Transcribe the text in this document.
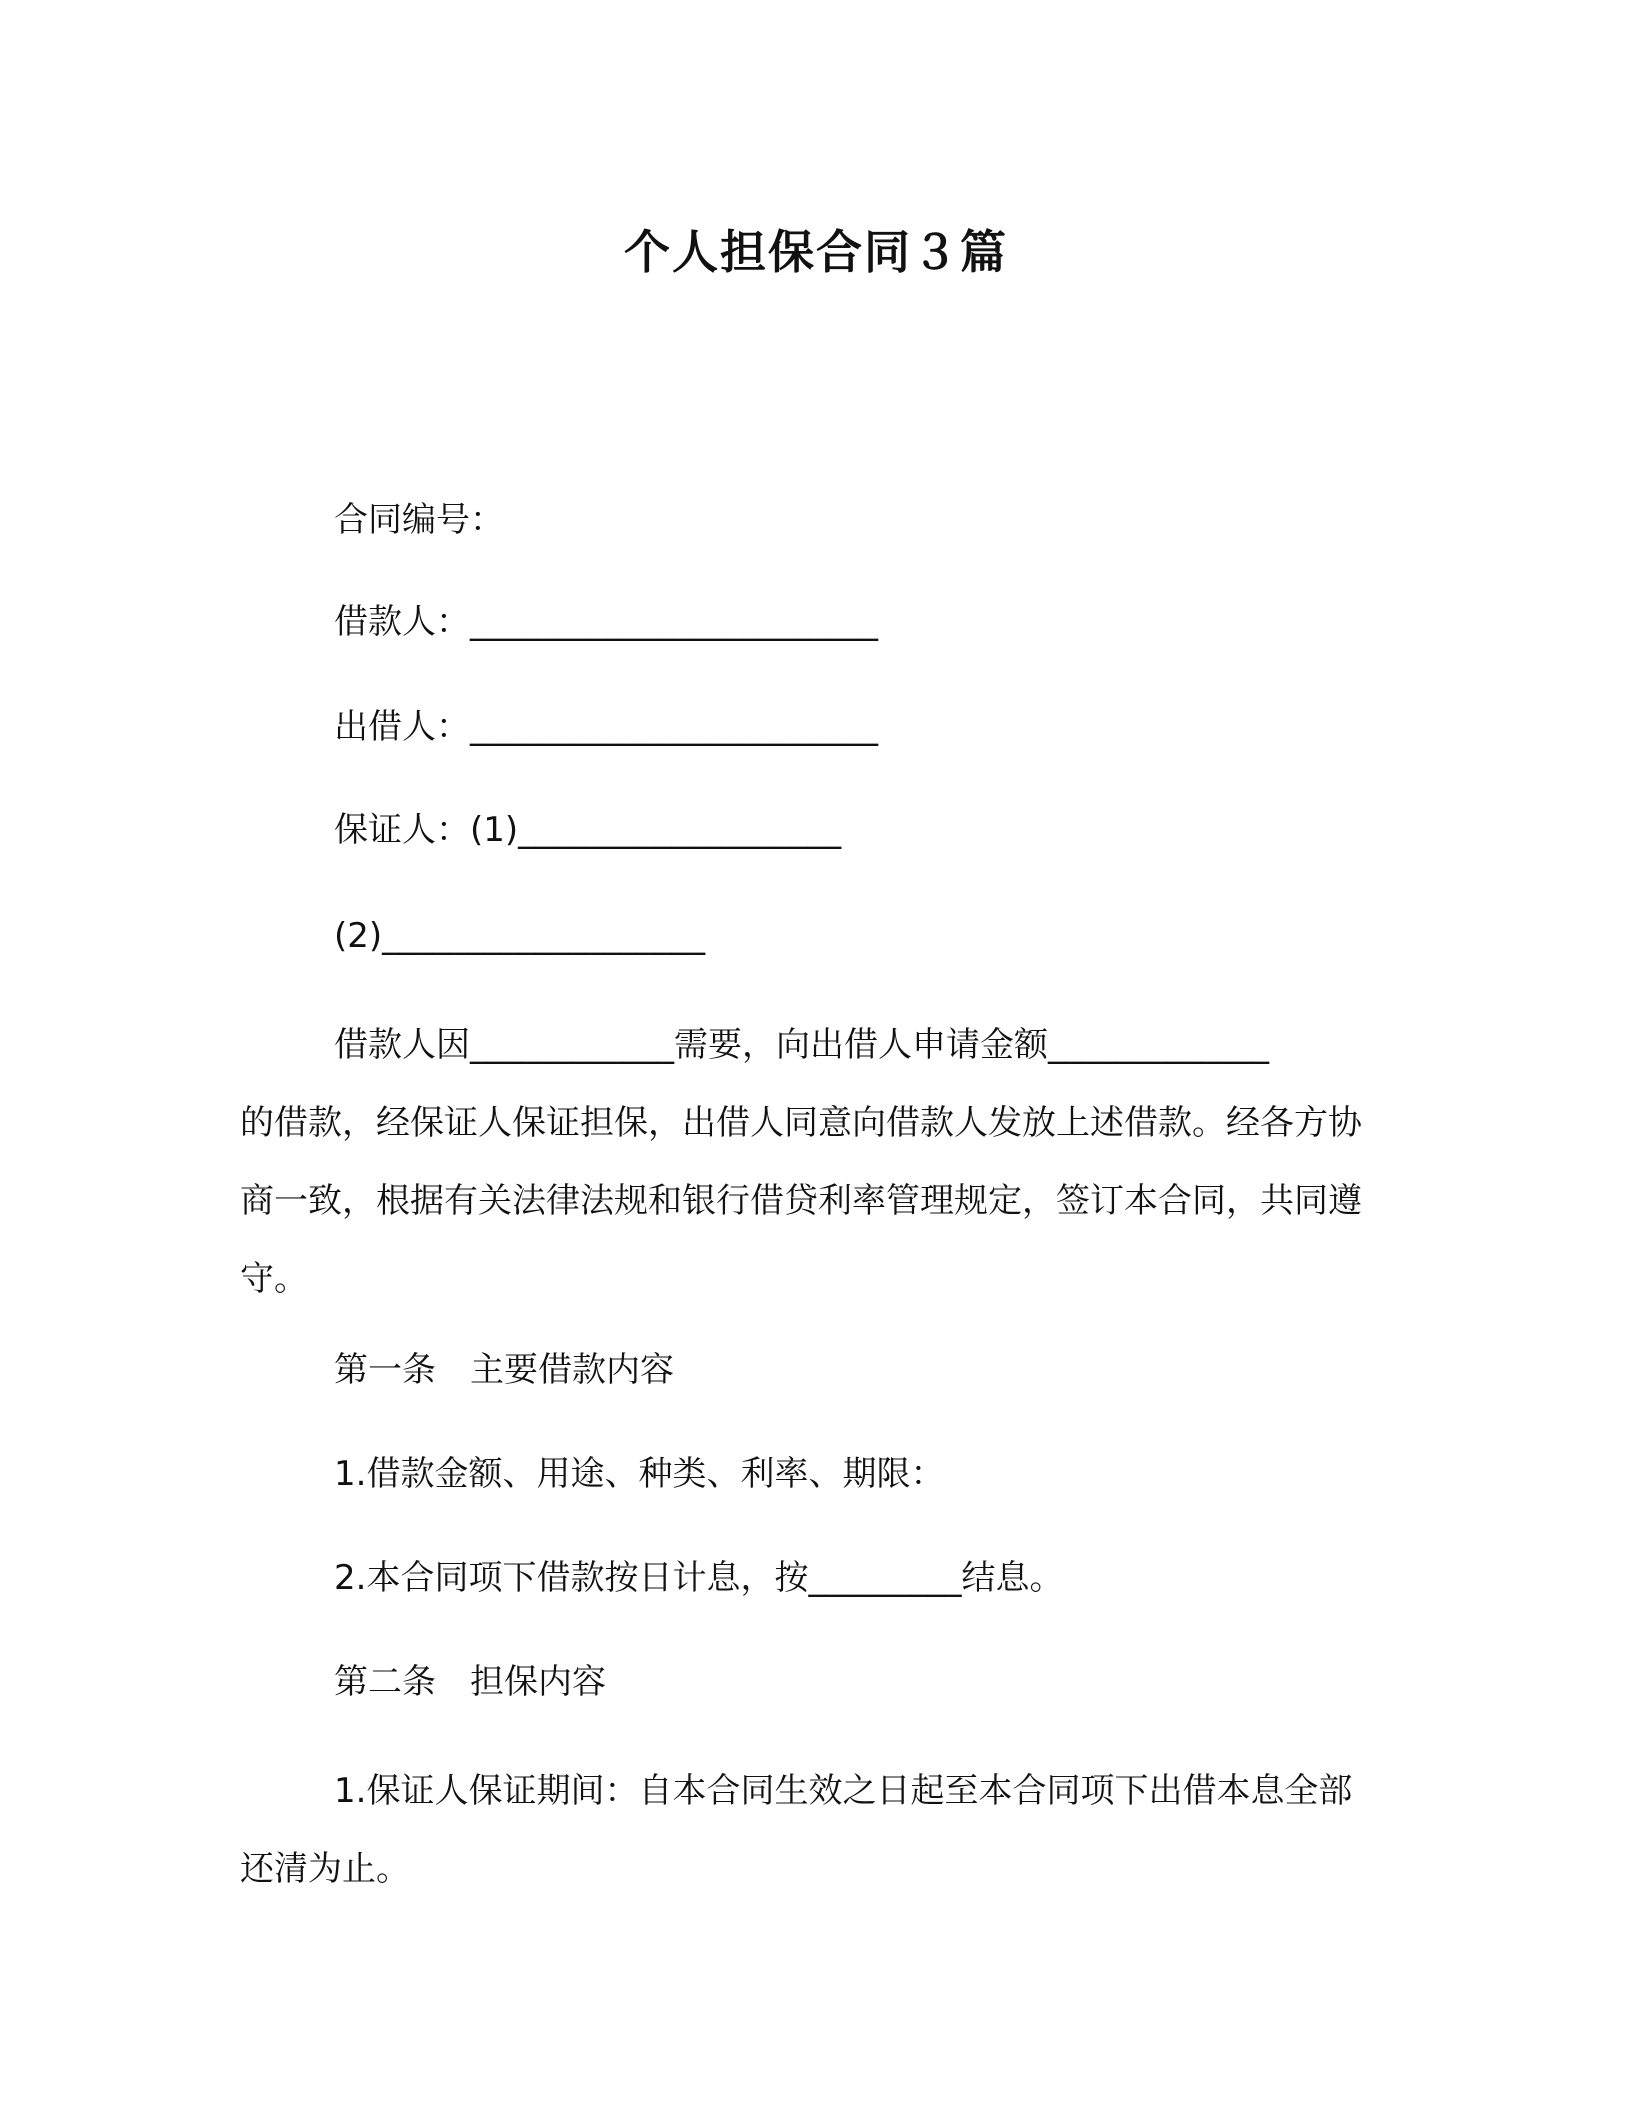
个人担保合同３篇
合同编号：
借款人：________________________
出借人：________________________
保证人：(1)___________________
(2)___________________
借款人因____________需要，向出借人申请金额_____________
的借款，经保证人保证担保，出借人同意向借款人发放上述借款。经各方协商一致，根据有关法律法规和银行借贷利率管理规定，签订本合同，共同遵守。
第一条　主要借款内容
1.借款金额、用途、种类、利率、期限：
2.本合同项下借款按日计息，按_________结息。
第二条　担保内容
1.保证人保证期间：自本合同生效之日起至本合同项下出借本息全部还清为止。
